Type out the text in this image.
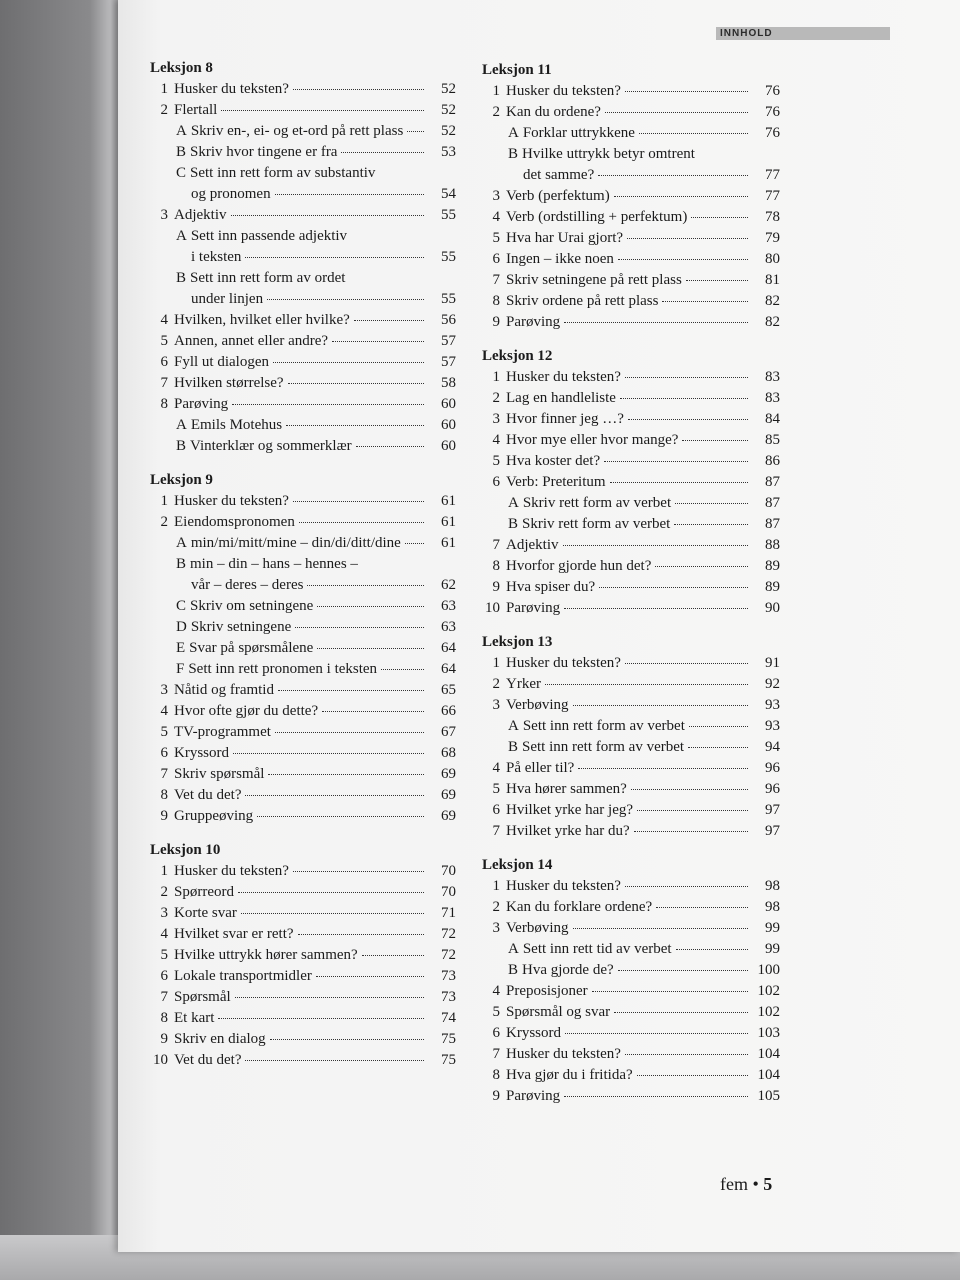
INNHOLD
Leksjon 8
1 Husker du teksten?	52
2 Flertall	52
A Skriv en-, ei- og et-ord på rett plass	52
B Skriv hvor tingene er fra	53
C Sett inn rett form av substantiv
og pronomen	54
3 Adjektiv	55
A Sett inn passende adjektiv
i teksten	55
B Sett inn rett form av ordet
under linjen	55
4 Hvilken, hvilket eller hvilke?	56
5 Annen, annet eller andre?	57
6 Fyll ut dialogen	57
7 Hvilken størrelse?	58
8 Parøving	60
A Emils Motehus	60
B Vinterklær og sommerklær	60
Leksjon 9
1 Husker du teksten?	61
2 Eiendomspronomen	61
A min/mi/mitt/mine – din/di/ditt/dine	61
B min – din – hans – hennes –
vår – deres – deres	62
C Skriv om setningene	63
D Skriv setningene	63
E Svar på spørsmålene	64
F Sett inn rett pronomen i teksten	64
3 Nåtid og framtid	65
4 Hvor ofte gjør du dette?	66
5 TV-programmet	67
6 Kryssord	68
7 Skriv spørsmål	69
8 Vet du det?	69
9 Gruppeøving	69
Leksjon 10
1 Husker du teksten?	70
2 Spørreord	70
3 Korte svar	71
4 Hvilket svar er rett?	72
5 Hvilke uttrykk hører sammen?	72
6 Lokale transportmidler	73
7 Spørsmål	73
8 Et kart	74
9 Skriv en dialog	75
10 Vet du det?	75
Leksjon 11
1 Husker du teksten?	76
2 Kan du ordene?	76
A Forklar uttrykkene	76
B Hvilke uttrykk betyr omtrent
det samme?	77
3 Verb (perfektum)	77
4 Verb (ordstilling + perfektum)	78
5 Hva har Urai gjort?	79
6 Ingen – ikke noen	80
7 Skriv setningene på rett plass	81
8 Skriv ordene på rett plass	82
9 Parøving	82
Leksjon 12
1 Husker du teksten?	83
2 Lag en handleliste	83
3 Hvor finner jeg …?	84
4 Hvor mye eller hvor mange?	85
5 Hva koster det?	86
6 Verb: Preteritum	87
A Skriv rett form av verbet	87
B Skriv rett form av verbet	87
7 Adjektiv	88
8 Hvorfor gjorde hun det?	89
9 Hva spiser du?	89
10 Parøving	90
Leksjon 13
1 Husker du teksten?	91
2 Yrker	92
3 Verbøving	93
A Sett inn rett form av verbet	93
B Sett inn rett form av verbet	94
4 På eller til?	96
5 Hva hører sammen?	96
6 Hvilket yrke har jeg?	97
7 Hvilket yrke har du?	97
Leksjon 14
1 Husker du teksten?	98
2 Kan du forklare ordene?	98
3 Verbøving	99
A Sett inn rett tid av verbet	99
B Hva gjorde de?	100
4 Preposisjoner	102
5 Spørsmål og svar	102
6 Kryssord	103
7 Husker du teksten?	104
8 Hva gjør du i fritida?	104
9 Parøving	105
fem • 5
